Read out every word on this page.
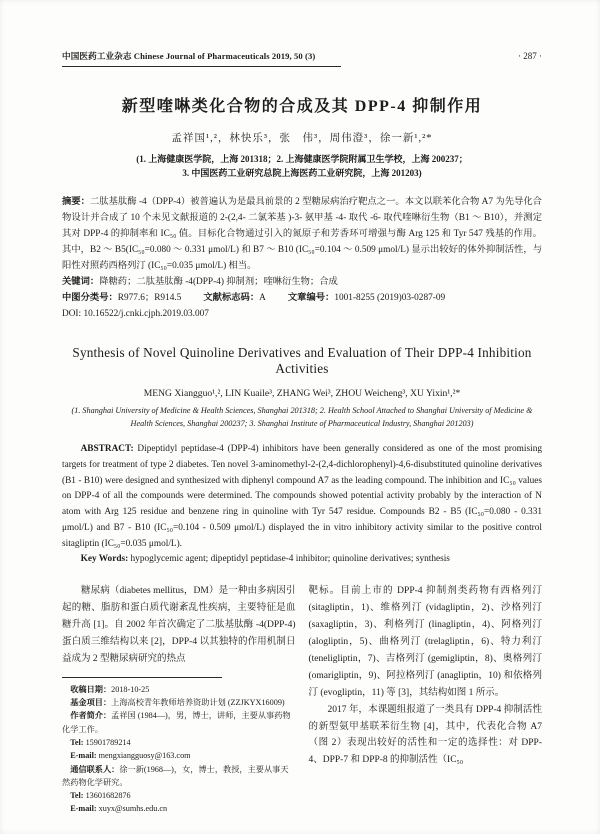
中国医药工业杂志 Chinese Journal of Pharmaceuticals 2019, 50 (3)	· 287 ·
新型喹啉类化合物的合成及其 DPP-4 抑制作用
孟祥国¹,²，林快乐³，张　伟³，周伟澄³，徐一新¹,²*
(1. 上海健康医学院，上海 201318；2. 上海健康医学院附属卫生学校，上海 200237；
3. 中国医药工业研究总院上海医药工业研究院，上海 201203)

摘要：二肽基肽酶 -4（DPP-4）被普遍认为是最具前景的 2 型糖尿病治疗靶点之一。本文以联苯化合物 A7 为先导化合物设计并合成了 10 个未见文献报道的 2-(2,4- 二氯苯基 )-3- 氨甲基 -4- 取代 -6- 取代喹啉衍生物（B1 ～ B10），并测定其对 DPP-4 的抑制率和 IC₅₀ 值。目标化合物通过引入的氮原子和芳香环可增强与酶 Arg 125 和 Tyr 547 残基的作用。其中，B2 ～ B5(IC₅₀=0.080 ～ 0.331 μmol/L) 和 B7 ～ B10 (IC₅₀=0.104 ～ 0.509 μmol/L) 显示出较好的体外抑制活性，与阳性对照药西格列汀 (IC₅₀=0.035 μmol/L) 相当。

关键词：降糖药；二肽基肽酶 -4(DPP-4) 抑制剂；喹啉衍生物；合成

中图分类号：R977.6；R914.5 文献标志码：A 文章编号：1001-8255 (2019)03-0287-09

DOI: 10.16522/j.cnki.cjph.2019.03.007

Synthesis of Novel Quinoline Derivatives and Evaluation of Their DPP-4 Inhibition Activities
MENG Xiangguo¹,², LIN Kuaile³, ZHANG Wei³, ZHOU Weicheng³, XU Yixin¹,²*
(1. Shanghai University of Medicine & Health Sciences, Shanghai 201318; 2. Health School Attached to Shanghai University of Medicine &
Health Sciences, Shanghai 200237; 3. Shanghai Institute of Pharmaceutical Industry, Shanghai 201203)

ABSTRACT: Dipeptidyl peptidase-4 (DPP-4) inhibitors have been generally considered as one of the most promising targets for treatment of type 2 diabetes. Ten novel 3-aminomethyl-2-(2,4-dichlorophenyl)-4,6-disubstituted quinoline derivatives (B1 - B10) were designed and synthesized with diphenyl compound A7 as the leading compound. The inhibition and IC₅₀ values on DPP-4 of all the compounds were determined. The compounds showed potential activity probably by the interaction of N atom with Arg 125 residue and benzene ring in quinoline with Tyr 547 residue. Compounds B2 - B5 (IC₅₀=0.080 - 0.331 μmol/L) and B7 - B10 (IC₅₀=0.104 - 0.509 μmol/L) displayed the in vitro inhibitory activity similar to the positive control sitagliptin (IC₅₀=0.035 μmol/L).

Key Words: hypoglycemic agent; dipeptidyl peptidase-4 inhibitor; quinoline derivatives; synthesis

糖尿病（diabetes mellitus，DM）是一种由多病因引起的糖、脂肪和蛋白质代谢紊乱性疾病，主要特征是血糖升高 [1]。自 2002 年首次确定了二肽基肽酶 -4(DPP-4) 蛋白质三维结构以来 [2]，DPP-4 以其独特的作用机制日益成为 2 型糖尿病研究的热点

收稿日期：2018-10-25

基金项目：上海高校青年教师培养资助计划 (ZZJKYX16009)

作者简介：孟祥国 (1984—)，男，博士，讲师，主要从事药物化学工作。

Tel: 15901789214

E-mail: mengxiangguosy@163.com

通信联系人：徐一新(1968—)，女，博士，教授，主要从事天然药物化学研究。

Tel: 13601682876

E-mail: xuyx@sumhs.edu.cn

靶标。目前上市的 DPP-4 抑制剂类药物有西格列汀 (sitagliptin，1)、维格列汀 (vidagliptin，2)、沙格列汀 (saxagliptin，3)、利格列汀 (linagliptin，4)、阿格列汀 (alogliptin，5)、曲格列汀 (trelagliptin，6)、特力利汀 (teneligliptin，7)、吉格列汀 (gemigliptin，8)、奥格列汀 (omarigliptin，9)、阿拉格列汀 (anagliptin，10) 和依格列汀 (evogliptin，11) 等 [3]，其结构如图 1 所示。

2017 年，本课题组报道了一类具有 DPP-4 抑制活性的新型氨甲基联苯衍生物 [4]，其中，代表化合物 A7（图 2）表现出较好的活性和一定的选择性：对 DPP-4、DPP-7 和 DPP-8 的抑制活性（IC₅₀
